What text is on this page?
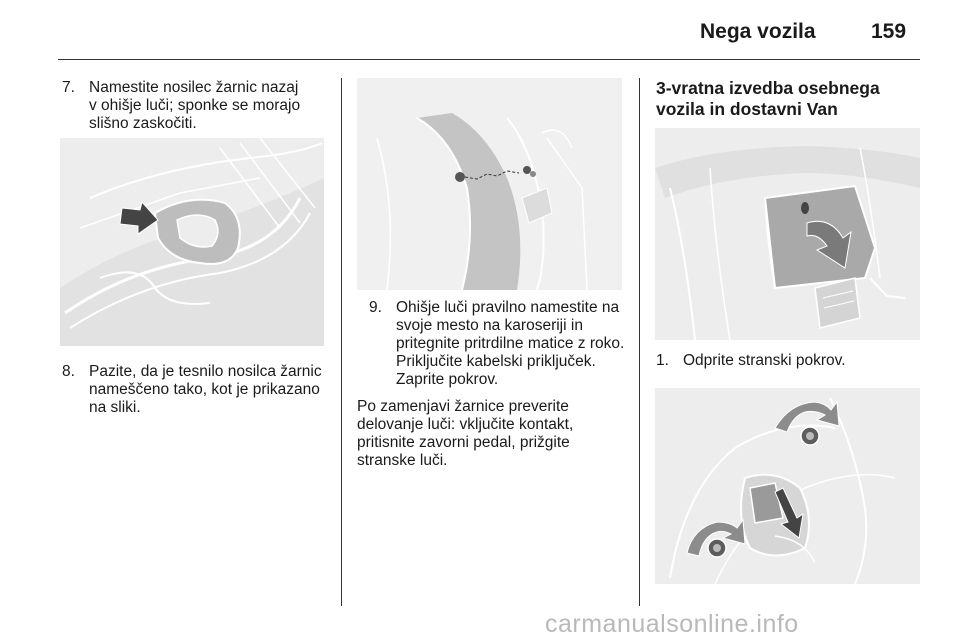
Nega vozila	159
7. Namestite nosilec žarnic nazaj
v ohišje luči; sponke se morajo
slišno zaskočiti.
8. Pazite, da je tesnilo nosilca žarnic
nameščeno tako, kot je prikazano
na sliki.
9. Ohišje luči pravilno namestite na
svoje mesto na karoseriji in
pritegnite pritrdilne matice z roko.
Priključite kabelski priključek.
Zaprite pokrov.
Po zamenjavi žarnice preverite
delovanje luči: vključite kontakt,
pritisnite zavorni pedal, prižgite
stranske luči.
3-vratna izvedba osebnega
vozila in dostavni Van
1. Odprite stranski pokrov.
carmanualsonline.info
